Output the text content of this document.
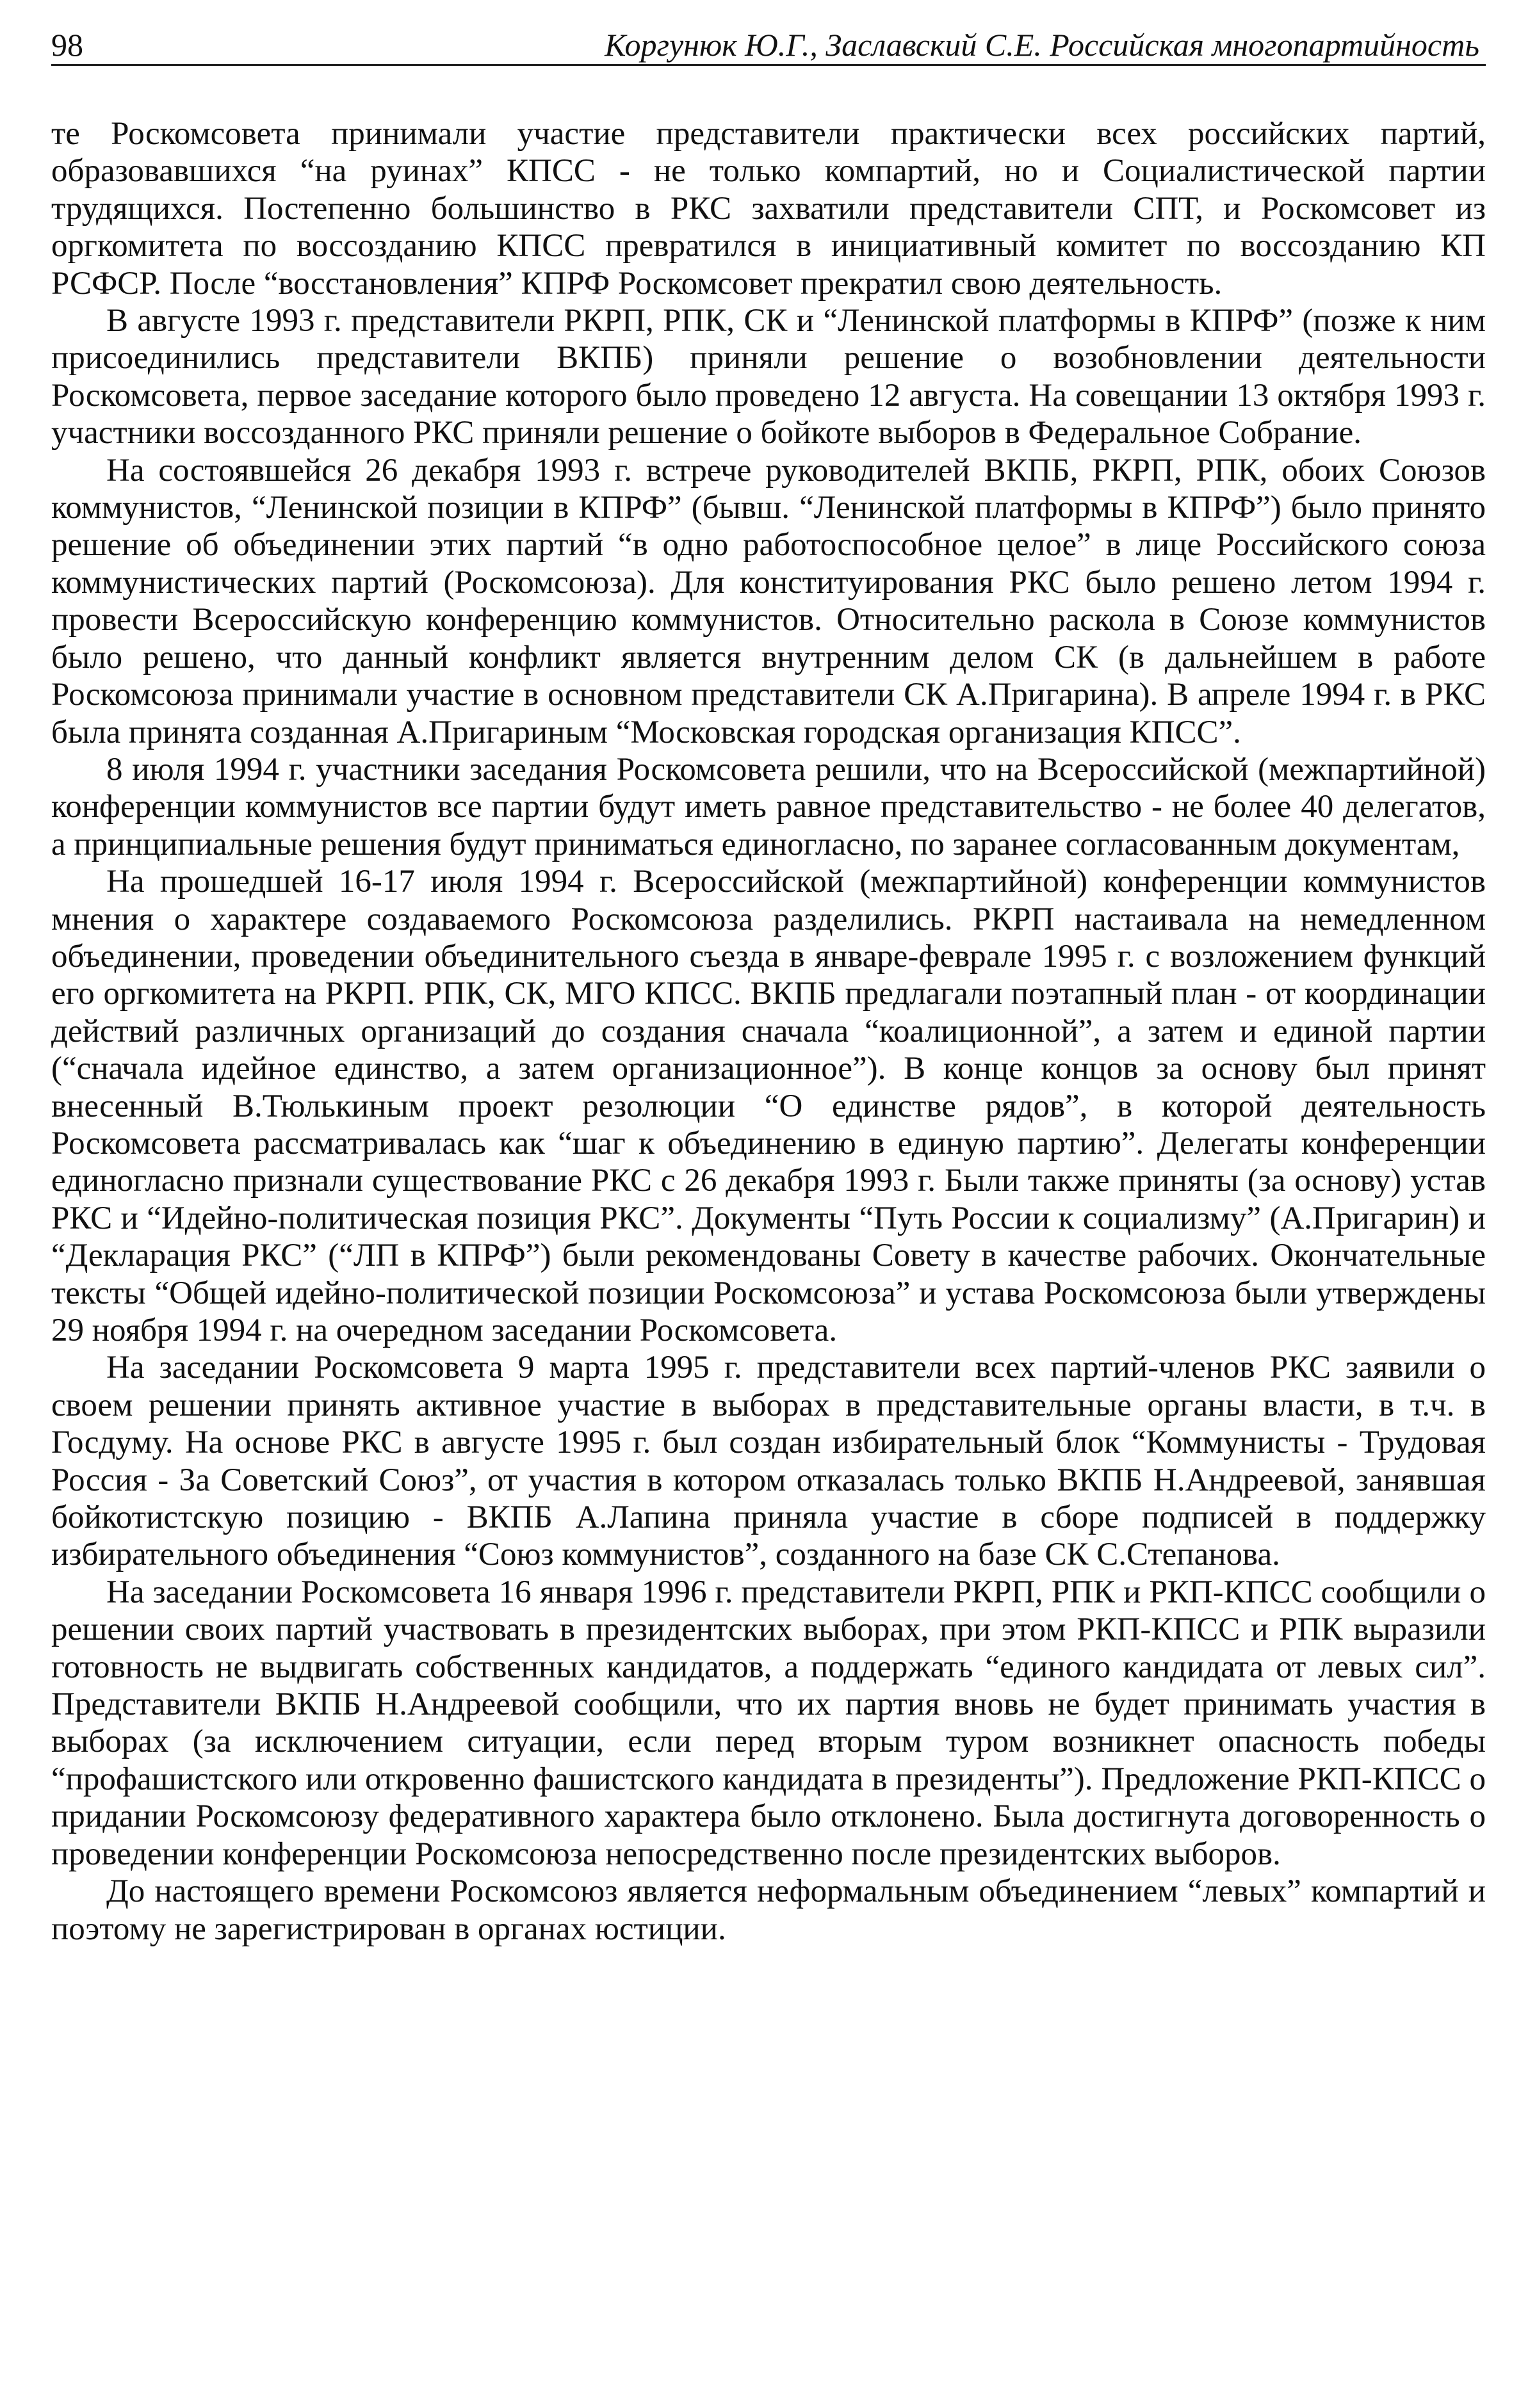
98	Коргунюк Ю.Г., Заславский С.Е. Российская многопартийность

те Роскомсовета принимали участие представители практически всех российских партий, образовавшихся “на руинах” КПСС - не только компартий, но и Социалистической партии трудящихся. Постепенно большинство в РКС захватили представители СПТ, и Роскомсовет из оргкомитета по воссозданию КПСС превратился в инициативный комитет по воссозданию КП РСФСР. После “восстановления” КПРФ Роскомсовет прекратил свою деятельность.

В августе 1993 г. представители РКРП, РПК, СК и “Ленинской платформы в КПРФ” (позже к ним присоединились представители ВКПБ) приняли решение о возобновлении деятельности Роскомсовета, первое заседание которого было проведено 12 августа. На совещании 13 октября 1993 г. участники воссозданного РКС приняли решение о бойкоте выборов в Федеральное Собрание.

На состоявшейся 26 декабря 1993 г. встрече руководителей ВКПБ, РКРП, РПК, обоих Союзов коммунистов, “Ленинской позиции в КПРФ” (бывш. “Ленинской платформы в КПРФ”) было принято решение об объединении этих партий “в одно работоспособное целое” в лице Российского союза коммунистических партий (Роскомсоюза). Для конституирования РКС было решено летом 1994 г. провести Всероссийскую конференцию коммунистов. Относительно раскола в Союзе коммунистов было решено, что данный конфликт является внутренним делом СК (в дальнейшем в работе Роскомсоюза принимали участие в основном представители СК А.Пригарина). В апреле 1994 г. в РКС была принята созданная А.Пригариным “Московская городская организация КПСС”.

8 июля 1994 г. участники заседания Роскомсовета решили, что на Всероссийской (межпартийной) конференции коммунистов все партии будут иметь равное представительство - не более 40 делегатов, а принципиальные решения будут приниматься единогласно, по заранее согласованным документам,

На прошедшей 16-17 июля 1994 г. Всероссийской (межпартийной) конференции коммунистов мнения о характере создаваемого Роскомсоюза разделились. РКРП настаивала на немедленном объединении, проведении объединительного съезда в январе-феврале 1995 г. с возложением функций его оргкомитета на РКРП. РПК, СК, МГО КПСС. ВКПБ предлагали поэтапный план - от координации действий различных организаций до создания сначала “коалиционной”, а затем и единой партии (“сначала идейное единство, а затем организационное”). В конце концов за основу был принят внесенный В.Тюлькиным проект резолюции “О единстве рядов”, в которой деятельность Роскомсовета рассматривалась как “шаг к объединению в единую партию”. Делегаты конференции единогласно признали существование РКС с 26 декабря 1993 г. Были также приняты (за основу) устав РКС и “Идейно-политическая позиция РКС”. Документы “Путь России к социализму” (А.Пригарин) и “Декларация РКС” (“ЛП в КПРФ”) были рекомендованы Совету в качестве рабочих. Окончательные тексты “Общей идейно-политической позиции Роскомсоюза” и устава Роскомсоюза были утверждены 29 ноября 1994 г. на очередном заседании Роскомсовета.

На заседании Роскомсовета 9 марта 1995 г. представители всех партий-членов РКС заявили о своем решении принять активное участие в выборах в представительные органы власти, в т.ч. в Госдуму. На основе РКС в августе 1995 г. был создан избирательный блок “Коммунисты - Трудовая Россия - За Советский Союз”, от участия в котором отказалась только ВКПБ Н.Андреевой, занявшая бойкотистскую позицию - ВКПБ А.Лапина приняла участие в сборе подписей в поддержку избирательного объединения “Союз коммунистов”, созданного на базе СК С.Степанова.

На заседании Роскомсовета 16 января 1996 г. представители РКРП, РПК и РКП-КПСС сообщили о решении своих партий участвовать в президентских выборах, при этом РКП-КПСС и РПК выразили готовность не выдвигать собственных кандидатов, а поддержать “единого кандидата от левых сил”. Представители ВКПБ Н.Андреевой сообщили, что их партия вновь не будет принимать участия в выборах (за исключением ситуации, если перед вторым туром возникнет опасность победы “профашистского или откровенно фашистского кандидата в президенты”). Предложение РКП-КПСС о придании Роскомсоюзу федеративного характера было отклонено. Была достигнута договоренность о проведении конференции Роскомсоюза непосредственно после президентских выборов.

До настоящего времени Роскомсоюз является неформальным объединением “левых” компартий и поэтому не зарегистрирован в органах юстиции.
